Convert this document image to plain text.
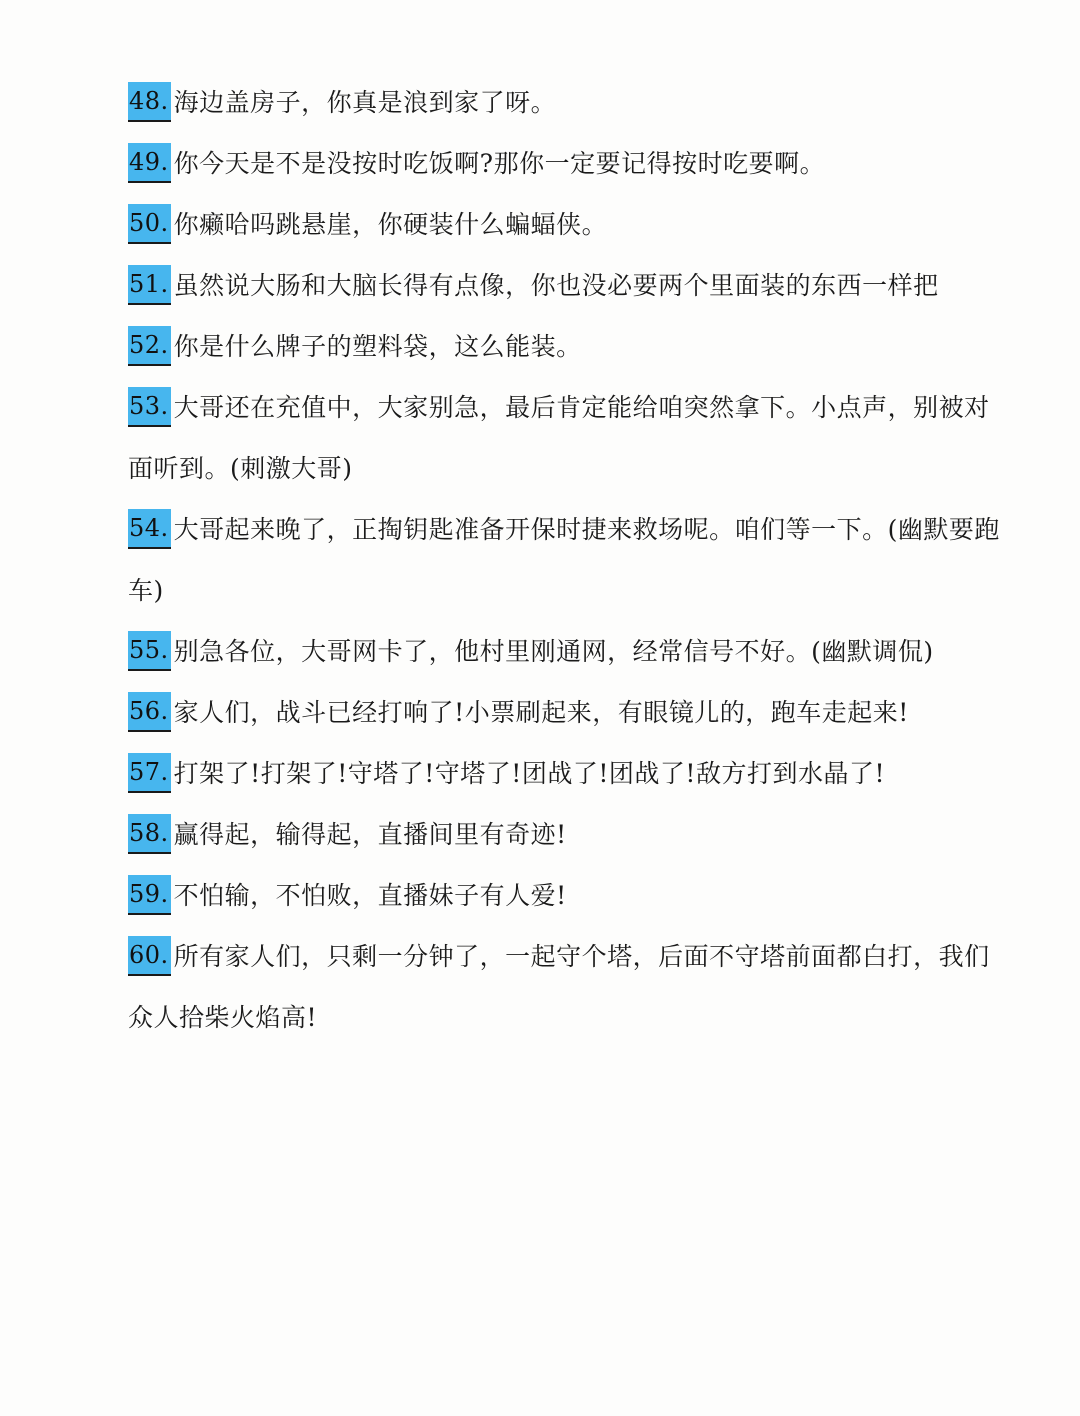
48. 海边盖房子，你真是浪到家了呀。

49. 你今天是不是没按时吃饭啊?那你一定要记得按时吃要啊。

50. 你癞哈吗跳悬崖，你硬装什么蝙蝠侠。

51. 虽然说大肠和大脑长得有点像，你也没必要两个里面装的东西一样把

52. 你是什么牌子的塑料袋，这么能装。

53. 大哥还在充值中，大家别急，最后肯定能给咱突然拿下。小点声，别被对面听到。(刺激大哥)

54. 大哥起来晚了，正掏钥匙准备开保时捷来救场呢。咱们等一下。(幽默要跑车)

55. 别急各位，大哥网卡了，他村里刚通网，经常信号不好。(幽默调侃)

56. 家人们，战斗已经打响了!小票刷起来，有眼镜儿的，跑车走起来!

57. 打架了!打架了!守塔了!守塔了!团战了!团战了!敌方打到水晶了!

58. 赢得起，输得起，直播间里有奇迹!

59. 不怕输，不怕败，直播妹子有人爱!

60. 所有家人们，只剩一分钟了，一起守个塔，后面不守塔前面都白打，我们众人拾柴火焰高!
